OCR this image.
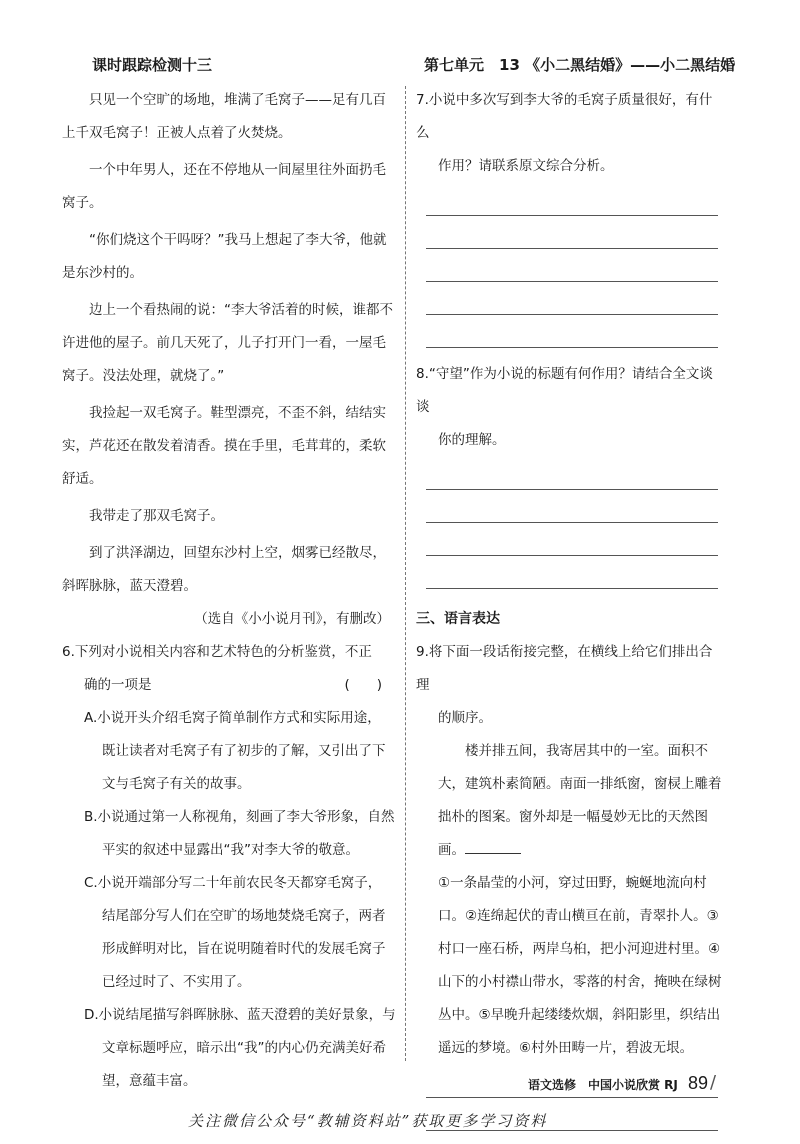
课时跟踪检测十三	第七单元　13 《小二黑结婚》——小二黑结婚
只见一个空旷的场地，堆满了毛窝子——足有几百上千双毛窝子！正被人点着了火焚烧。
一个中年男人，还在不停地从一间屋里往外面扔毛窝子。
“你们烧这个干吗呀？”我马上想起了李大爷，他就是东沙村的。
边上一个看热闹的说：“李大爷活着的时候，谁都不许进他的屋子。前几天死了，儿子打开门一看，一屋毛窝子。没法处理，就烧了。”
我捡起一双毛窝子。鞋型漂亮，不歪不斜，结结实实，芦花还在散发着清香。摸在手里，毛茸茸的，柔软舒适。
我带走了那双毛窝子。
到了洪泽湖边，回望东沙村上空，烟雾已经散尽，斜晖脉脉，蓝天澄碧。
（选自《小小说月刊》，有删改）
6.下列对小说相关内容和艺术特色的分析鉴赏，不正
确的一项是	(　　)
A.小说开头介绍毛窝子简单制作方式和实际用途，
既让读者对毛窝子有了初步的了解，又引出了下
文与毛窝子有关的故事。
B.小说通过第一人称视角，刻画了李大爷形象，自然
平实的叙述中显露出“我”对李大爷的敬意。
C.小说开端部分写二十年前农民冬天都穿毛窝子，
结尾部分写人们在空旷的场地焚烧毛窝子，两者
形成鲜明对比，旨在说明随着时代的发展毛窝子
已经过时了、不实用了。
D.小说结尾描写斜晖脉脉、蓝天澄碧的美好景象，与
文章标题呼应，暗示出“我”的内心仍充满美好希
望，意蕴丰富。
7.小说中多次写到李大爷的毛窝子质量很好，有什么
作用？请联系原文综合分析。
8.“守望”作为小说的标题有何作用？请结合全文谈谈
你的理解。
三、语言表达
9.将下面一段话衔接完整，在横线上给它们排出合理
的顺序。
楼并排五间，我寄居其中的一室。面积不大，建筑朴素简陋。南面一排纸窗，窗棂上雕着拙朴的图案。窗外却是一幅曼妙无比的天然图画。
①一条晶莹的小河，穿过田野，蜿蜒地流向村口。②连绵起伏的青山横亘在前，青翠扑人。③村口一座石桥，两岸乌桕，把小河迎进村里。④山下的小村襟山带水，零落的村舍，掩映在绿树丛中。⑤早晚升起缕缕炊烟，斜阳影里，织结出遥远的梦境。⑥村外田畴一片，碧波无垠。
语文选修　中国小说欣赏 RJ 89 /
关注微信公众号“教辅资料站”获取更多学习资料
